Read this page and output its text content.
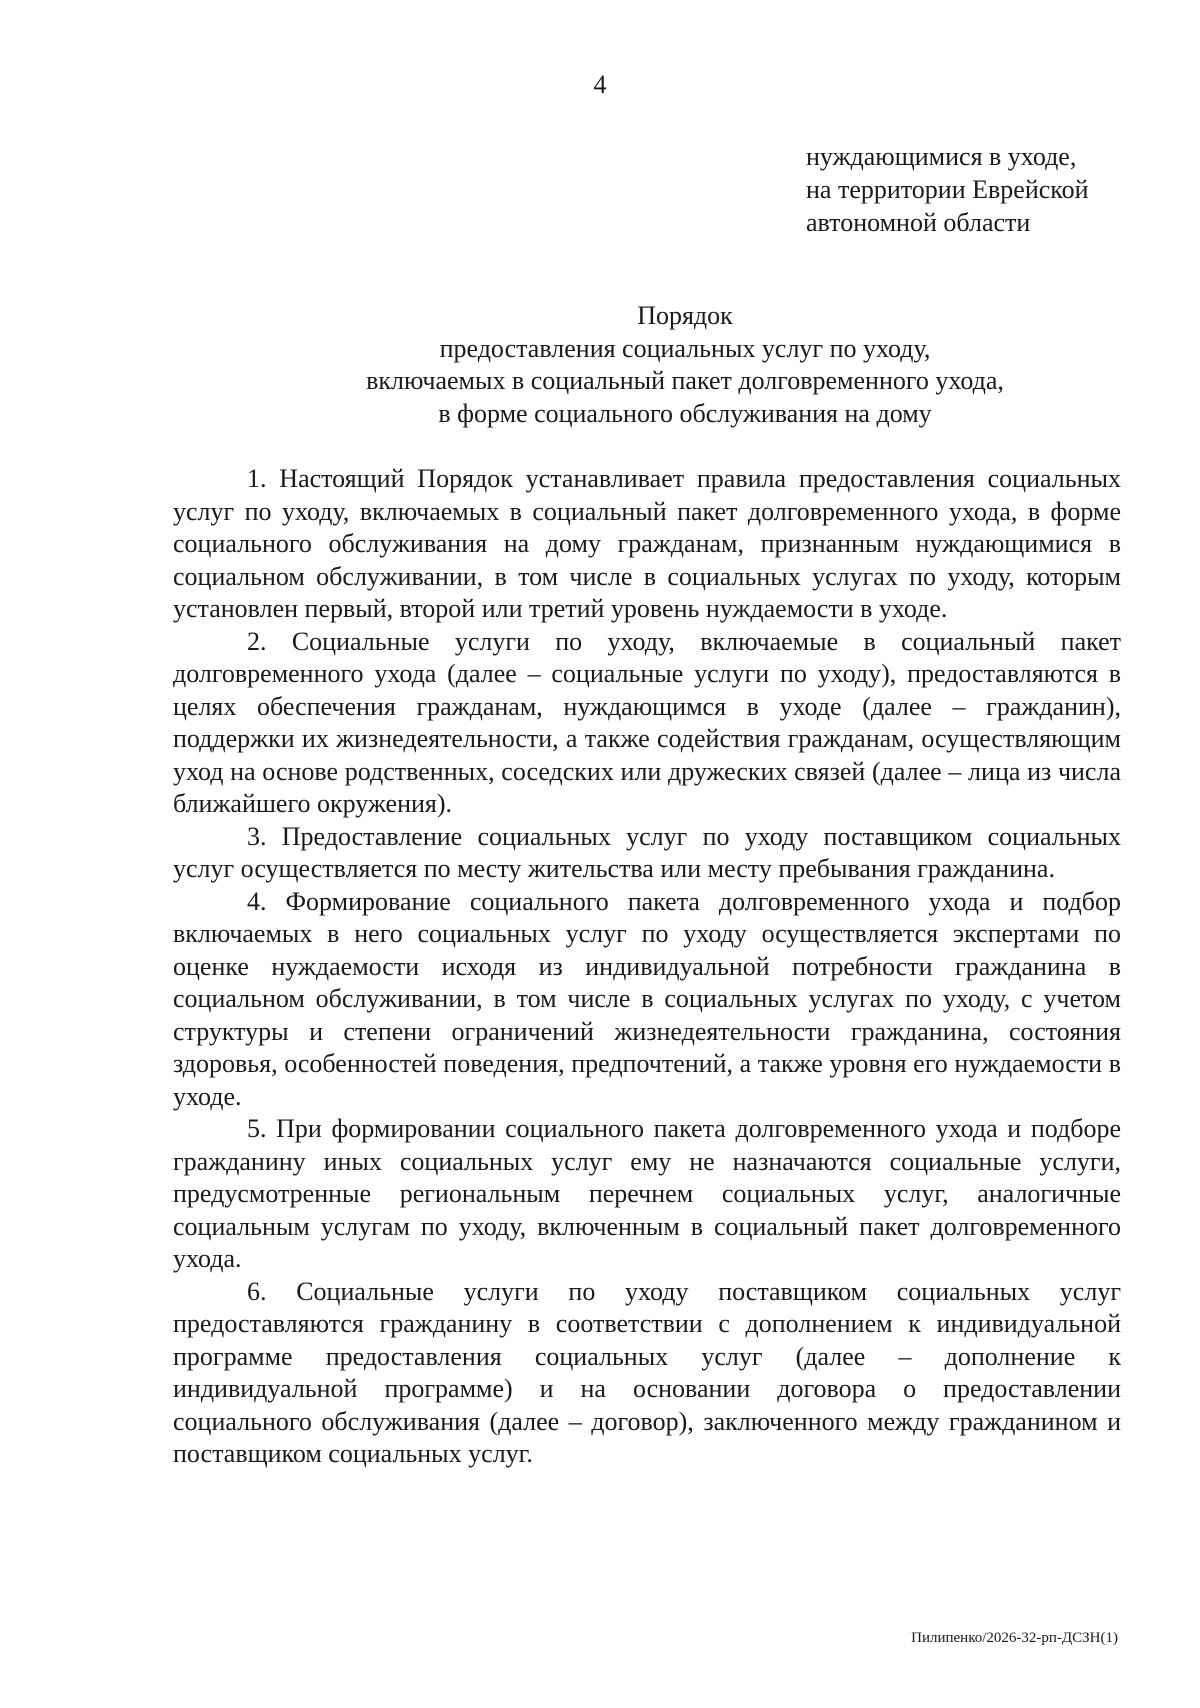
4
нуждающимися в уходе,
на территории Еврейской
автономной области
Порядок
предоставления социальных услуг по уходу,
включаемых в социальный пакет долговременного ухода,
в форме социального обслуживания на дому

1. Настоящий Порядок устанавливает правила предоставления социальных услуг по уходу, включаемых в социальный пакет долговременного ухода, в форме социального обслуживания на дому гражданам, признанным нуждающимися в социальном обслуживании, в том числе в социальных услугах по уходу, которым установлен первый, второй или третий уровень нуждаемости в уходе.

2. Социальные услуги по уходу, включаемые в социальный пакет долговременного ухода (далее – социальные услуги по уходу), предоставляются в целях обеспечения гражданам, нуждающимся в уходе (далее – гражданин), поддержки их жизнедеятельности, а также содействия гражданам, осуществляющим уход на основе родственных, соседских или дружеских связей (далее – лица из числа ближайшего окружения).

3. Предоставление социальных услуг по уходу поставщиком социальных услуг осуществляется по месту жительства или месту пребывания гражданина.

4. Формирование социального пакета долговременного ухода и подбор включаемых в него социальных услуг по уходу осуществляется экспертами по оценке нуждаемости исходя из индивидуальной потребности гражданина в социальном обслуживании, в том числе в социальных услугах по уходу, с учетом структуры и степени ограничений жизнедеятельности гражданина, состояния здоровья, особенностей поведения, предпочтений, а также уровня его нуждаемости в уходе.

5. При формировании социального пакета долговременного ухода и подборе гражданину иных социальных услуг ему не назначаются социальные услуги, предусмотренные региональным перечнем социальных услуг, аналогичные социальным услугам по уходу, включенным в социальный пакет долговременного ухода.

6. Социальные услуги по уходу поставщиком социальных услуг предоставляются гражданину в соответствии с дополнением к индивидуальной программе предоставления социальных услуг (далее – дополнение к индивидуальной программе) и на основании договора о предоставлении социального обслуживания (далее – договор), заключенного между гражданином и поставщиком социальных услуг.

Пилипенко/2026-32-рп-ДСЗН(1)
